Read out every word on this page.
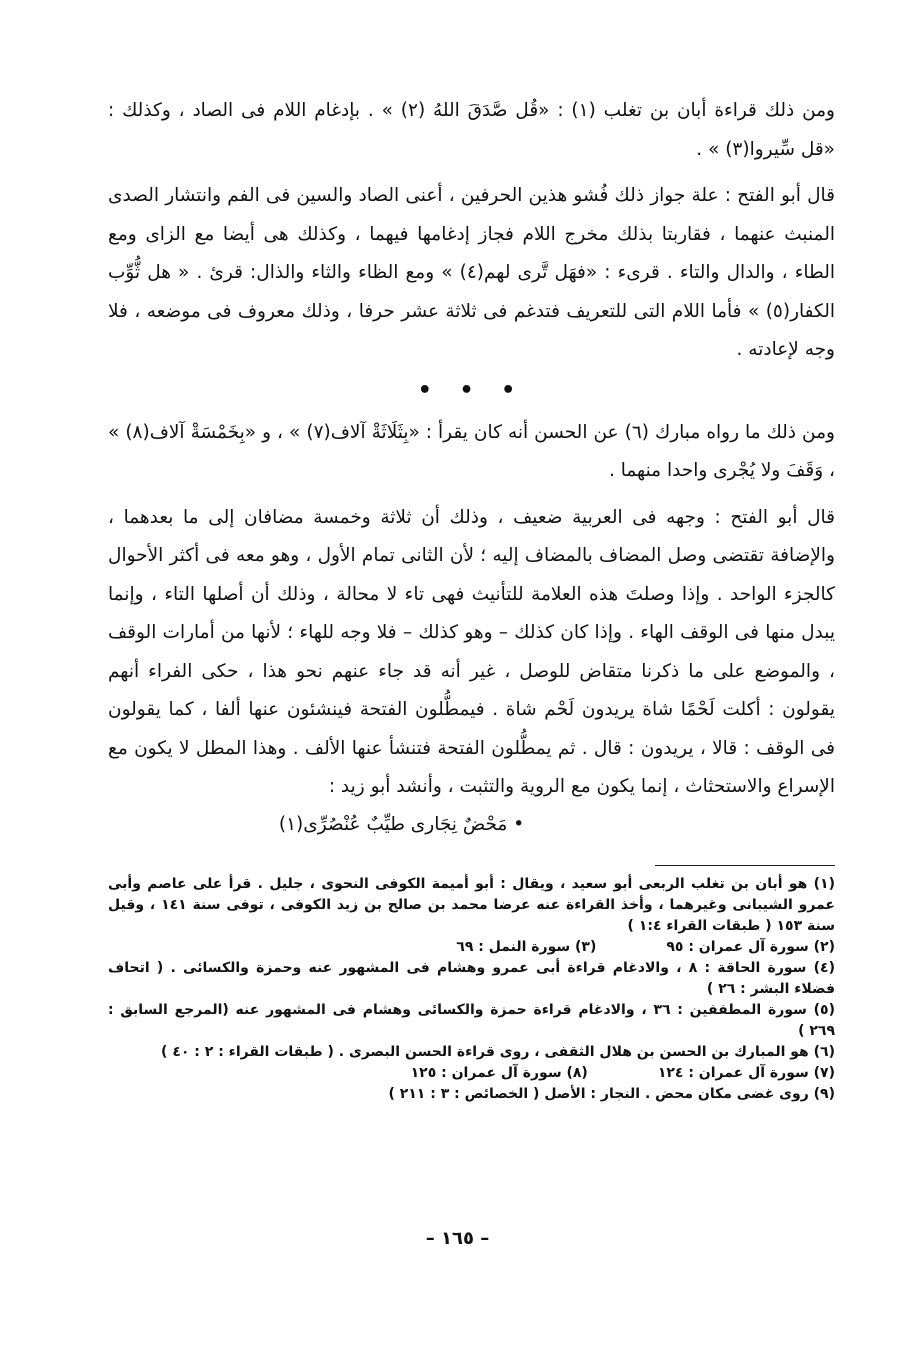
ومن ذلك قراءة أبان بن تغلب (١) : «قُل صَّدَقَ اللهُ (٢) » . بإدغام اللام فى الصاد ، وكذلك : «قل سِّيروا(٣) » .

قال أبو الفتح : علة جواز ذلك فُشو هذين الحرفين ، أعنى الصاد والسين فى الفم وانتشار الصدى المنبث عنهما ، فقاربتا بذلك مخرج اللام فجاز إدغامها فيهما ، وكذلك هى أيضا مع الزاى ومع الطاء ، والدال والتاء . قرىء : «فهَل تَّرى لهم(٤) » ومع الظاء والثاء والذال: قرئ . « هل ثُّوِّب الكفار(٥) » فأما اللام التى للتعريف فتدغم فى ثلاثة عشر حرفا ، وذلك معروف فى موضعه ، فلا وجه لإعادته .

• • •

ومن ذلك ما رواه مبارك (٦) عن الحسن أنه كان يقرأ : «بِثَلَاثَةْ آلاف(٧) » ، و «بِخَمْسَةْ آلاف(٨) » ، وَقَفَ ولا يُجْرى واحدا منهما .

قال أبو الفتح : وجهه فى العربية ضعيف ، وذلك أن ثلاثة وخمسة مضافان إلى ما بعدهما ، والإضافة تقتضى وصل المضاف بالمضاف إليه ؛ لأن الثانى تمام الأول ، وهو معه فى أكثر الأحوال كالجزء الواحد . وإذا وصلتَ هذه العلامة للتأنيث فهى تاء لا محالة ، وذلك أن أصلها التاء ، وإنما يبدل منها فى الوقف الهاء . وإذا كان كذلك – وهو كذلك – فلا وجه للهاء ؛ لأنها من أمارات الوقف ، والموضع على ما ذكرنا متقاض للوصل ، غير أنه قد جاء عنهم نحو هذا ، حكى الفراء أنهم يقولون : أكلت لَحْمًا شاة يريدون لَحْم شاة . فيمطُّلون الفتحة فينشئون عنها ألفا ، كما يقولون فى الوقف : قالا ، يريدون : قال . ثم يمطُّلون الفتحة فتنشأ عنها الألف . وهذا المطل لا يكون مع الإسراع والاستحثاث ، إنما يكون مع الروية والتثبت ، وأنشد أبو زيد :

• مَحْضٌ نِجَارى طيِّبٌ عُنْصُرِّى(١)

(١) هو أبان بن تغلب الربعى أبو سعيد ، ويقال : أبو أميمة الكوفى النحوى ، جليل . قرأ على عاصم وأبى عمرو الشيبانى وغيرهما ، وأخذ القراءة عنه عرضا محمد بن صالح بن زيد الكوفى ، توفى سنة ١٤١ ، وقيل سنة ١٥٣ ( طبقات القراء ١:٤ )

(٢) سورة آل عمران : ٩٥

(٣) سورة النمل : ٦٩

(٤) سورة الحاقة : ٨ ، والادغام قراءة أبى عمرو وهشام فى المشهور عنه وحمزة والكسائى . ( اتحاف فضلاء البشر : ٢٦ )

(٥) سورة المطففين : ٣٦ ، والادغام قراءة حمزة والكسائى وهشام فى المشهور عنه (المرجع السابق : ٢٦٩ )

(٦) هو المبارك بن الحسن بن هلال الثقفى ، روى قراءة الحسن البصرى . ( طبقات القراء : ٢ : ٤٠ )

(٧) سورة آل عمران : ١٢٤

(٨) سورة آل عمران : ١٢٥

(٩) روى غضى مكان محض . النجار : الأصل ( الخصائص : ٣ : ٢١١ )

– ١٦٥ –
